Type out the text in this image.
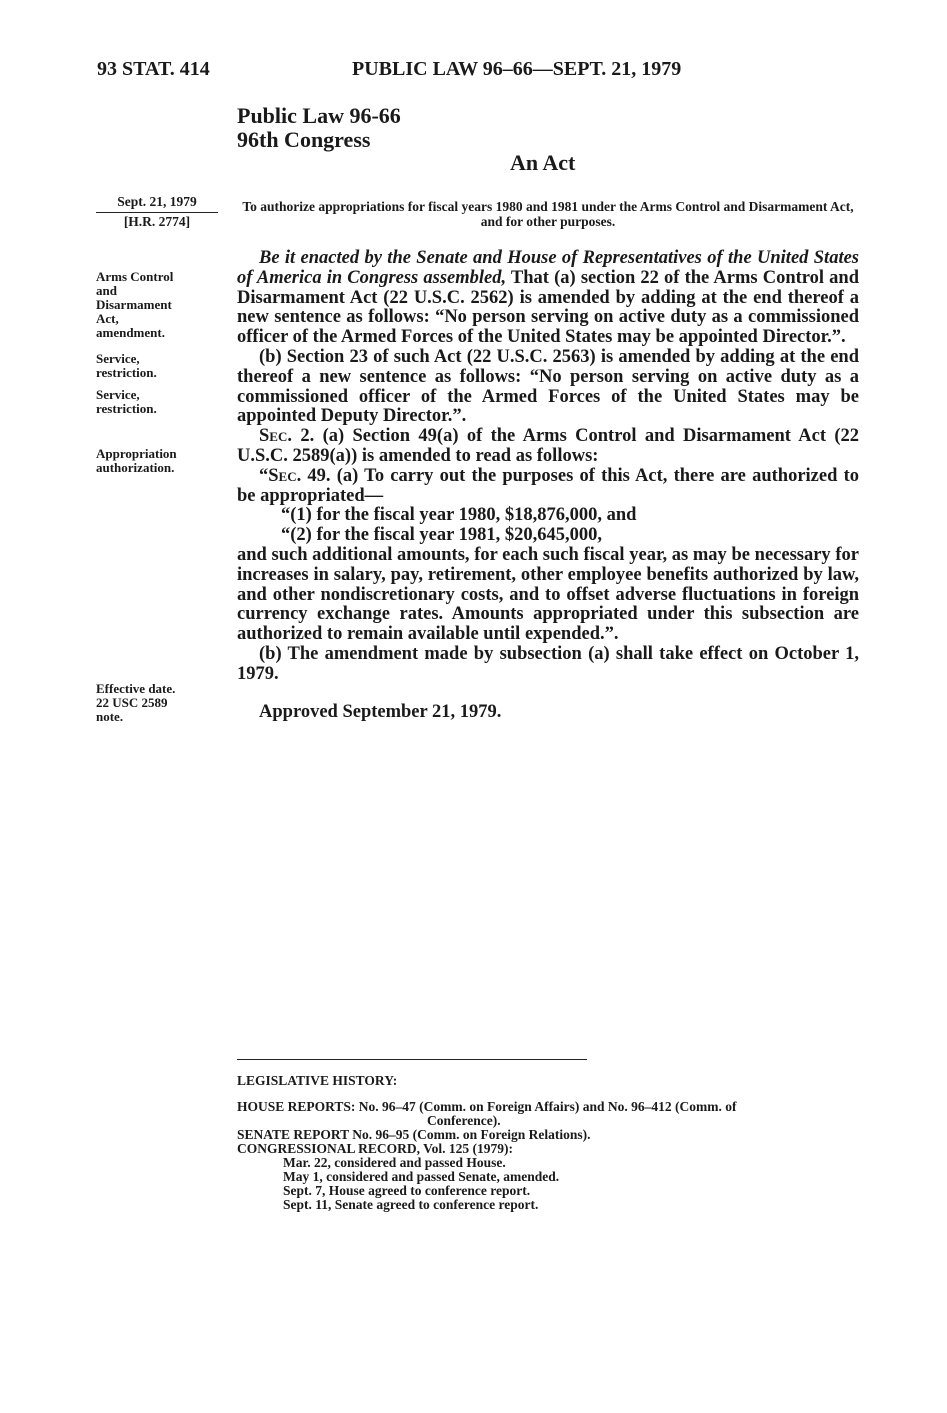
93 STAT. 414	PUBLIC LAW 96–66—SEPT. 21, 1979
Public Law 96-66
96th Congress
An Act
Sept. 21, 1979
[H.R. 2774]
Arms Control
and
Disarmament
Act,
amendment.
Service,
restriction.
Service,
restriction.
Appropriation
authorization.
Effective date.
22 USC 2589
note.
To authorize appropriations for fiscal years 1980 and 1981 under the Arms Control and Disarmament Act, and for other purposes.

Be it enacted by the Senate and House of Representatives of the United States of America in Congress assembled, That (a) section 22 of the Arms Control and Disarmament Act (22 U.S.C. 2562) is amended by adding at the end thereof a new sentence as follows: “No person serving on active duty as a commissioned officer of the Armed Forces of the United States may be appointed Director.”.

(b) Section 23 of such Act (22 U.S.C. 2563) is amended by adding at the end thereof a new sentence as follows: “No person serving on active duty as a commissioned officer of the Armed Forces of the United States may be appointed Deputy Director.”.

Sec. 2. (a) Section 49(a) of the Arms Control and Disarmament Act (22 U.S.C. 2589(a)) is amended to read as follows:

“Sec. 49. (a) To carry out the purposes of this Act, there are authorized to be appropriated—

“(1) for the fiscal year 1980, $18,876,000, and

“(2) for the fiscal year 1981, $20,645,000,

and such additional amounts, for each such fiscal year, as may be necessary for increases in salary, pay, retirement, other employee benefits authorized by law, and other nondiscretionary costs, and to offset adverse fluctuations in foreign currency exchange rates. Amounts appropriated under this subsection are authorized to remain available until expended.”.

(b) The amendment made by subsection (a) shall take effect on October 1, 1979.

Approved September 21, 1979.

LEGISLATIVE HISTORY:
HOUSE REPORTS: No. 96–47 (Comm. on Foreign Affairs) and No. 96–412 (Comm. of
Conference).
SENATE REPORT No. 96–95 (Comm. on Foreign Relations).
CONGRESSIONAL RECORD, Vol. 125 (1979):
Mar. 22, considered and passed House.
May 1, considered and passed Senate, amended.
Sept. 7, House agreed to conference report.
Sept. 11, Senate agreed to conference report.
